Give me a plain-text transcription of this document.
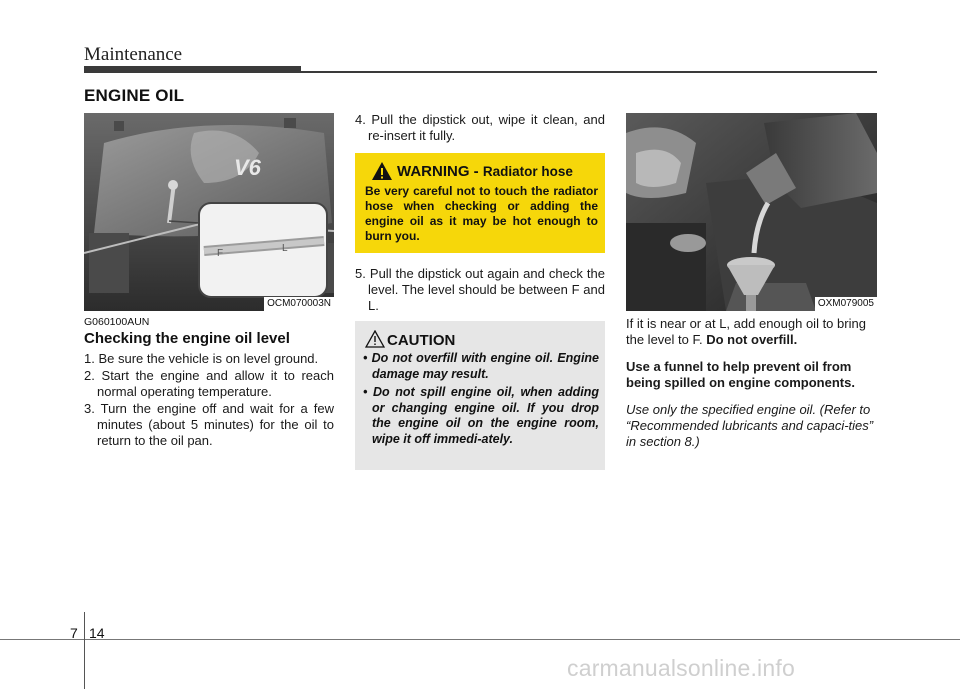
Maintenance
ENGINE OIL
V6
F	L
OCM070003N
G060100AUN
Checking the engine oil level
1. Be sure the vehicle is on level ground.
2. Start the engine and allow it to reach normal operating temperature.
3. Turn the engine off and wait for a few minutes (about 5 minutes) for the oil to return to the oil pan.
4. Pull the dipstick out, wipe it clean, and re-insert it fully.
WARNING - Radiator hose
Be very careful not to touch the radiator hose when checking or adding the engine oil as it may be hot enough to burn you.
5. Pull the dipstick out again and check the level. The level should be between F and L.
CAUTION
• Do not overfill with engine oil. Engine damage may result.
• Do not spill engine oil, when adding or changing engine oil. If you drop the engine oil on the engine room, wipe it off immedi-ately.
OXM079005

If it is near or at L, add enough oil to bring the level to F. Do not overfill.

Use a funnel to help prevent oil from being spilled on engine components.

Use only the specified engine oil. (Refer to “Recommended lubricants and capaci-ties” in section 8.)

7 14
carmanualsonline.info
